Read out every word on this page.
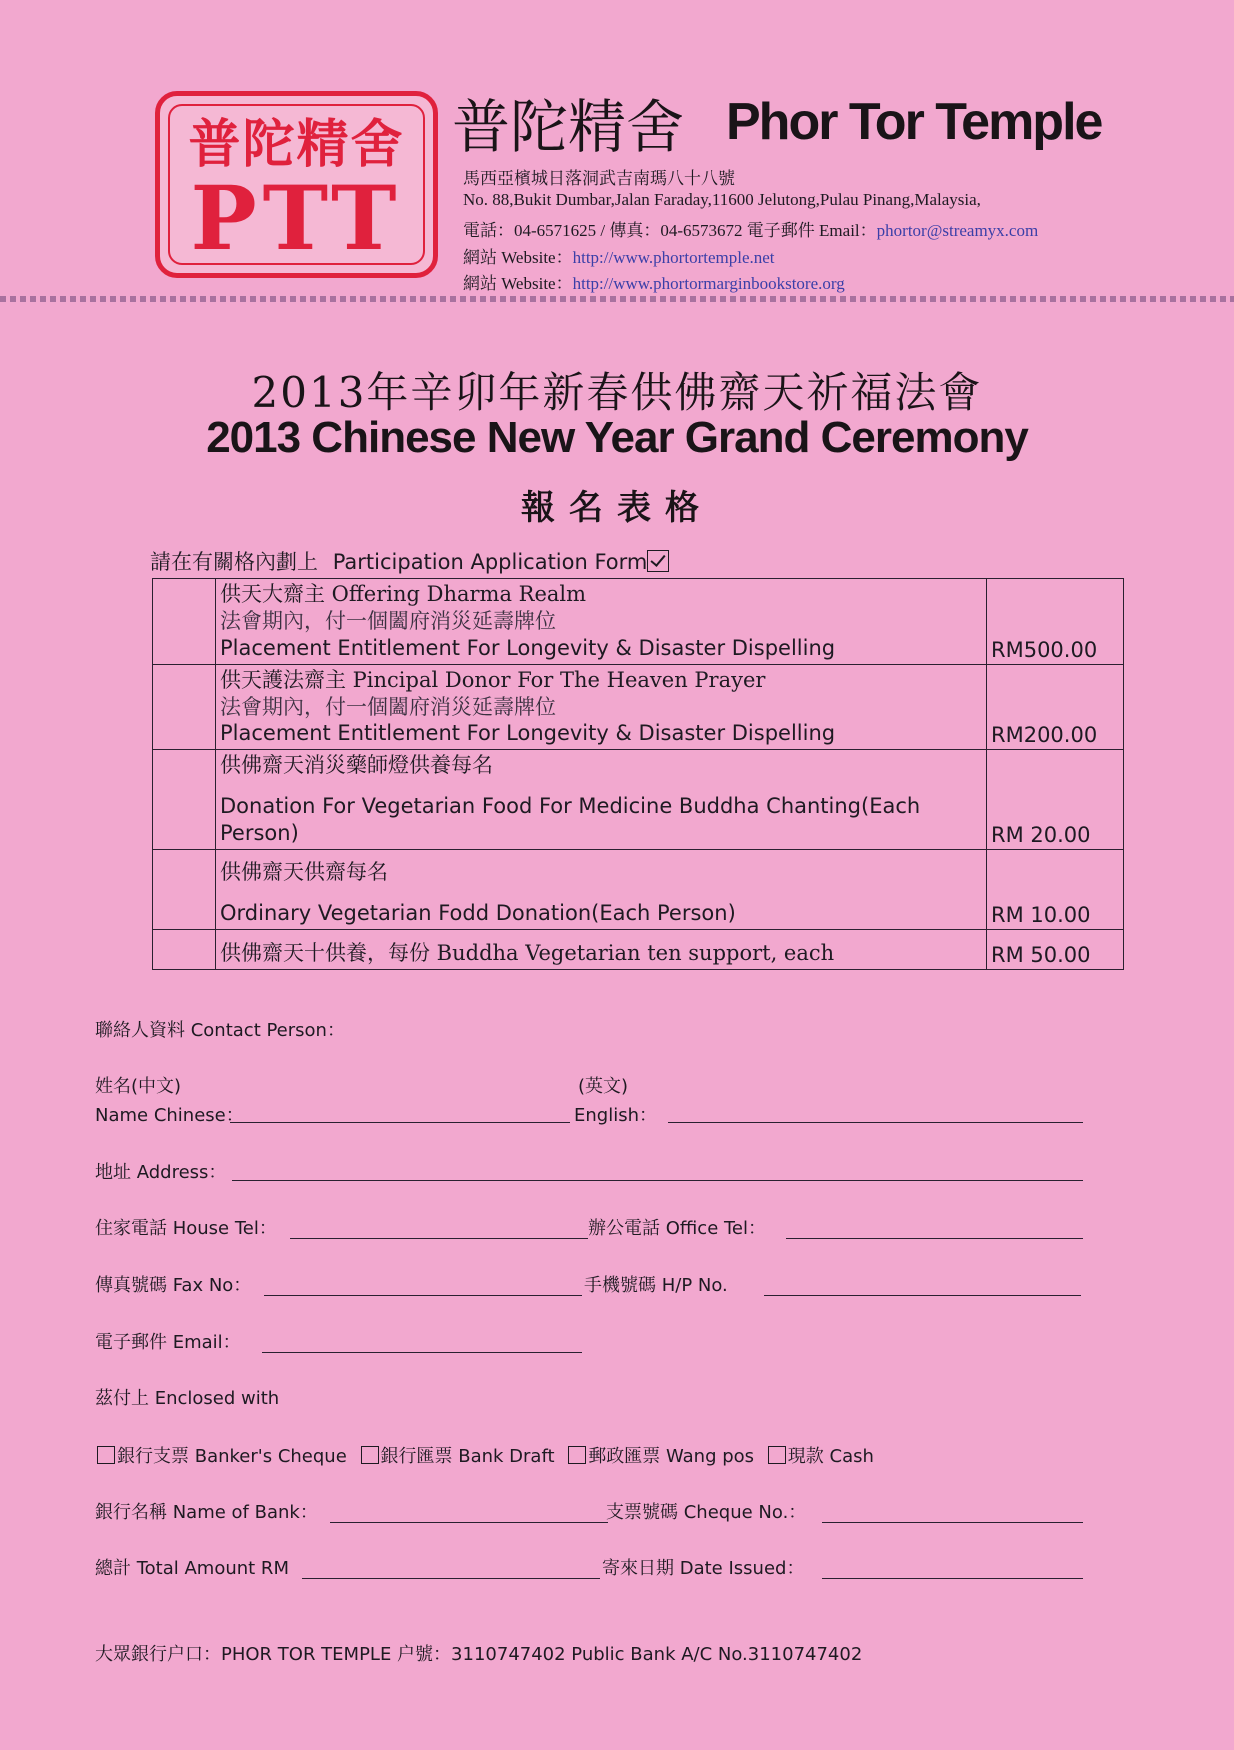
普陀精舍
PTT
普陀精舍 Phor Tor Temple
馬西亞檳城日落洞武吉南瑪八十八號
No. 88,Bukit Dumbar,Jalan Faraday,11600 Jelutong,Pulau Pinang,Malaysia,
電話：04-6571625 / 傳真：04-6573672 電子郵件 Email：phortor@streamyx.com
網站 Website：http://www.phortortemple.net
網站 Website：http://www.phortormarginbookstore.org
2013年辛卯年新春供佛齋天祈福法會
2013 Chinese New Year Grand Ceremony
報名表格
請在有關格內劃上 Participation Application Form

	供天大齋主 Offering Dharma Realm
法會期內，付一個闔府消災延壽牌位
Placement Entitlement For Longevity & Disaster Dispelling	RM500.00

	供天護法齋主 Pincipal Donor For The Heaven Prayer
法會期內，付一個闔府消災延壽牌位
Placement Entitlement For Longevity & Disaster Dispelling	RM200.00

	供佛齋天消災藥師燈供養每名
Donation For Vegetarian Food For Medicine Buddha Chanting(Each Person)	RM 20.00

	供佛齋天供齋每名
Ordinary Vegetarian Fodd Donation(Each Person)	RM 10.00

	供佛齋天十供養，每份 Buddha Vegetarian ten support, each	RM 50.00
聯絡人資料 Contact Person：
姓名(中文)
Name Chinese：
(英文)
English：
地址 Address：
住家電話 House Tel：	辦公電話 Office Tel：
傳真號碼 Fax No：	手機號碼 H/P No.
電子郵件 Email：
茲付上 Enclosed with
銀行支票 Banker's Cheque 銀行匯票 Bank Draft 郵政匯票 Wang pos 現款 Cash
銀行名稱 Name of Bank：	支票號碼 Cheque No.：
總計 Total Amount RM	寄來日期 Date Issued：
大眾銀行户口：PHOR TOR TEMPLE 户號：3110747402 Public Bank A/C No.3110747402
